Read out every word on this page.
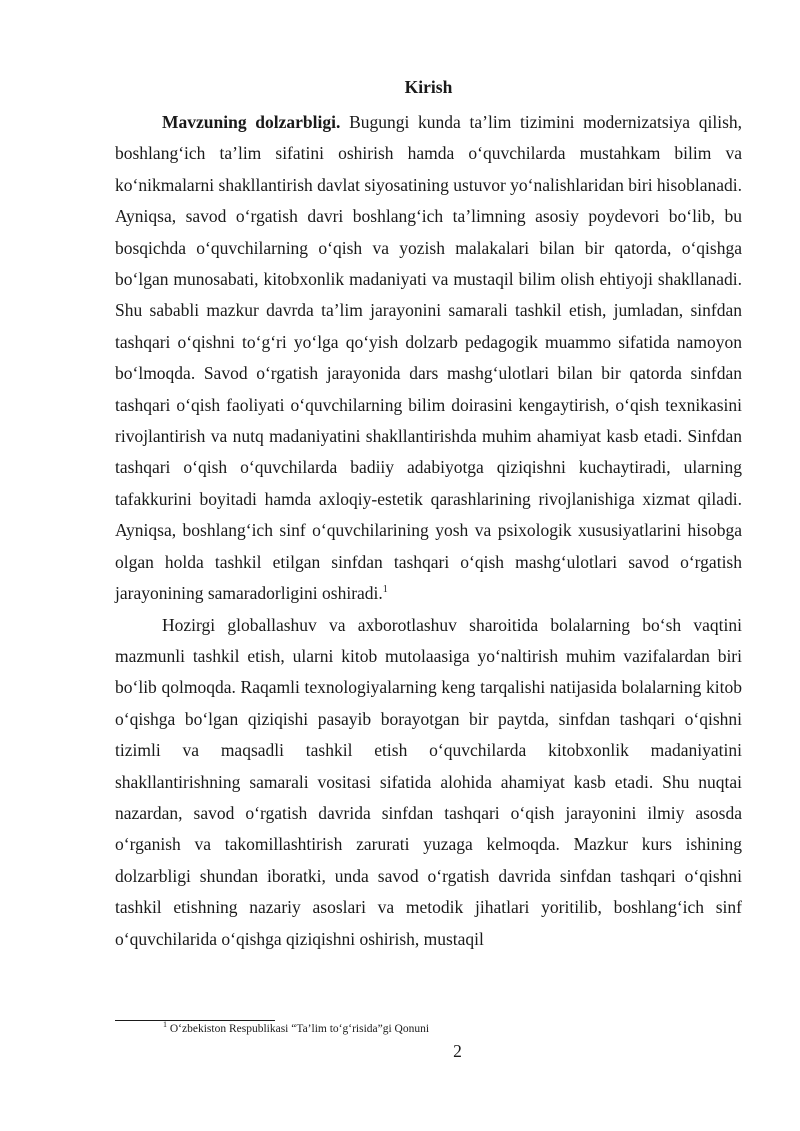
Kirish

Mavzuning dolzarbligi. Bugungi kunda ta’lim tizimini modernizatsiya qilish, boshlang‘ich ta’lim sifatini oshirish hamda o‘quvchilarda mustahkam bilim va ko‘nikmalarni shakllantirish davlat siyosatining ustuvor yo‘nalishlaridan biri hisoblanadi. Ayniqsa, savod o‘rgatish davri boshlang‘ich ta’limning asosiy poydevori bo‘lib, bu bosqichda o‘quvchilarning o‘qish va yozish malakalari bilan bir qatorda, o‘qishga bo‘lgan munosabati, kitobxonlik madaniyati va mustaqil bilim olish ehtiyoji shakllanadi. Shu sababli mazkur davrda ta’lim jarayonini samarali tashkil etish, jumladan, sinfdan tashqari o‘qishni to‘g‘ri yo‘lga qo‘yish dolzarb pedagogik muammo sifatida namoyon bo‘lmoqda. Savod o‘rgatish jarayonida dars mashg‘ulotlari bilan bir qatorda sinfdan tashqari o‘qish faoliyati o‘quvchilarning bilim doirasini kengaytirish, o‘qish texnikasini rivojlantirish va nutq madaniyatini shakllantirishda muhim ahamiyat kasb etadi. Sinfdan tashqari o‘qish o‘quvchilarda badiiy adabiyotga qiziqishni kuchaytiradi, ularning tafakkurini boyitadi hamda axloqiy-estetik qarashlarining rivojlanishiga xizmat qiladi. Ayniqsa, boshlang‘ich sinf o‘quvchilarining yosh va psixologik xususiyatlarini hisobga olgan holda tashkil etilgan sinfdan tashqari o‘qish mashg‘ulotlari savod o‘rgatish jarayonining samaradorligini oshiradi.$^1$

Hozirgi globallashuv va axborotlashuv sharoitida bolalarning bo‘sh vaqtini mazmunli tashkil etish, ularni kitob mutolaasiga yo‘naltirish muhim vazifalardan biri bo‘lib qolmoqda. Raqamli texnologiyalarning keng tarqalishi natijasida bolalarning kitob o‘qishga bo‘lgan qiziqishi pasayib borayotgan bir paytda, sinfdan tashqari o‘qishni tizimli va maqsadli tashkil etish o‘quvchilarda kitobxonlik madaniyatini shakllantirishning samarali vositasi sifatida alohida ahamiyat kasb etadi. Shu nuqtai nazardan, savod o‘rgatish davrida sinfdan tashqari o‘qish jarayonini ilmiy asosda o‘rganish va takomillashtirish zarurati yuzaga kelmoqda. Mazkur kurs ishining dolzarbligi shundan iboratki, unda savod o‘rgatish davrida sinfdan tashqari o‘qishni tashkil etishning nazariy asoslari va metodik jihatlari yoritilib, boshlang‘ich sinf o‘quvchilarida o‘qishga qiziqishni oshirish, mustaqil

$^1$ O‘zbekiston Respublikasi “Ta’lim to‘g‘risida”gi Qonuni
2
